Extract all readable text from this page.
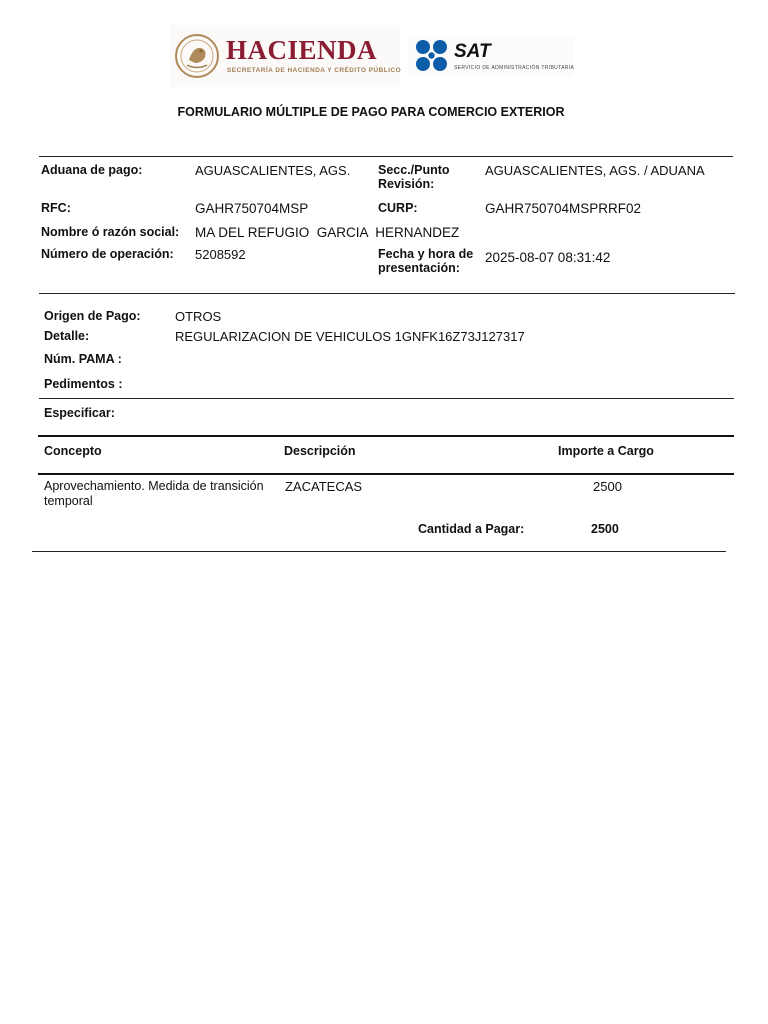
HACIENDA
SECRETARÍA DE HACIENDA Y CRÉDITO PÚBLICO
SAT
SERVICIO DE ADMINISTRACIÓN TRIBUTARIA
FORMULARIO MÚLTIPLE DE PAGO PARA COMERCIO EXTERIOR
Aduana de pago:	AGUASCALIENTES, AGS. Secc./Punto
Revisión:
AGUASCALIENTES, AGS. / ADUANA
RFC:	GAHR750704MSP	CURP:	GAHR750704MSPRRF02
Nombre ó razón social: MA DEL REFUGIO  GARCIA  HERNANDEZ
Número de operación: 5208592	Fecha y hora de
presentación:
2025-08-07 08:31:42
Origen de Pago:	OTROS
Detalle:	REGULARIZACION DE VEHICULOS 1GNFK16Z73J127317
Núm. PAMA :
Pedimentos :
Especificar:
Concepto	Descripción	Importe a Cargo
Aprovechamiento. Medida de transición
temporal
ZACATECAS	2500
Cantidad a Pagar:	2500
